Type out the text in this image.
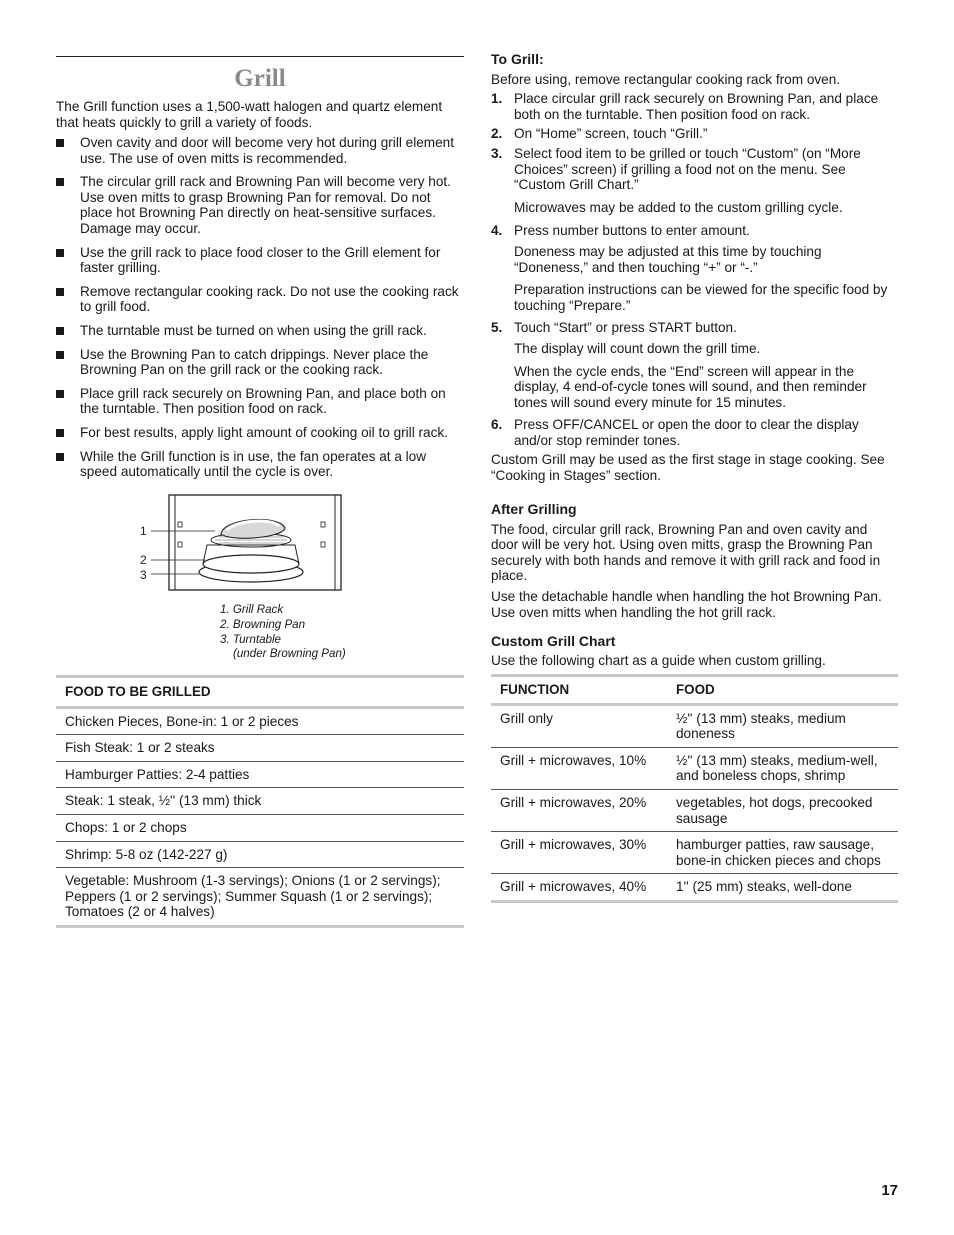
Grill

The Grill function uses a 1,500-watt halogen and quartz element that heats quickly to grill a variety of foods.

Oven cavity and door will become very hot during grill element use. The use of oven mitts is recommended.
The circular grill rack and Browning Pan will become very hot. Use oven mitts to grasp Browning Pan for removal. Do not place hot Browning Pan directly on heat-sensitive surfaces. Damage may occur.
Use the grill rack to place food closer to the Grill element for faster grilling.
Remove rectangular cooking rack. Do not use the cooking rack to grill food.
The turntable must be turned on when using the grill rack.
Use the Browning Pan to catch drippings. Never place the Browning Pan on the grill rack or the cooking rack.
Place grill rack securely on Browning Pan, and place both on the turntable. Then position food on rack.
For best results, apply light amount of cooking oil to grill rack.
While the Grill function is in use, the fan operates at a low speed automatically until the cycle is over.
1
2
3
1. Grill Rack
2. Browning Pan
3. Turntable
(under Browning Pan)
FOOD TO BE GRILLED
Chicken Pieces, Bone-in: 1 or 2 pieces
Fish Steak: 1 or 2 steaks
Hamburger Patties: 2-4 patties
Steak: 1 steak, ½'' (13 mm) thick
Chops: 1 or 2 chops
Shrimp: 5-8 oz (142-227 g)
Vegetable: Mushroom (1-3 servings); Onions (1 or 2 servings); Peppers (1 or 2 servings); Summer Squash (1 or 2 servings); Tomatoes (2 or 4 halves)

To Grill:

Before using, remove rectangular cooking rack from oven.

1. Place circular grill rack securely on Browning Pan, and place both on the turntable. Then position food on rack.
2. On “Home” screen, touch “Grill.”
3. Select food item to be grilled or touch “Custom” (on “More Choices” screen) if grilling a food not on the menu. See “Custom Grill Chart.”
Microwaves may be added to the custom grilling cycle.
4. Press number buttons to enter amount.
Doneness may be adjusted at this time by touching “Doneness,” and then touching “+” or “-.”
Preparation instructions can be viewed for the specific food by touching “Prepare.”
5. Touch “Start” or press START button.
The display will count down the grill time.
When the cycle ends, the “End” screen will appear in the display, 4 end-of-cycle tones will sound, and then reminder tones will sound every minute for 15 minutes.
6. Press OFF/CANCEL or open the door to clear the display and/or stop reminder tones.

Custom Grill may be used as the first stage in stage cooking. See “Cooking in Stages” section.

After Grilling

The food, circular grill rack, Browning Pan and oven cavity and door will be very hot. Using oven mitts, grasp the Browning Pan securely with both hands and remove it with grill rack and food in place.

Use the detachable handle when handling the hot Browning Pan. Use oven mitts when handling the hot grill rack.

Custom Grill Chart

Use the following chart as a guide when custom grilling.

FUNCTION	FOOD
Grill only	½'' (13 mm) steaks, medium doneness
Grill + microwaves, 10%	½'' (13 mm) steaks, medium-well, and boneless chops, shrimp
Grill + microwaves, 20%	vegetables, hot dogs, precooked sausage
Grill + microwaves, 30%	hamburger patties, raw sausage, bone-in chicken pieces and chops
Grill + microwaves, 40%	1'' (25 mm) steaks, well-done
17
